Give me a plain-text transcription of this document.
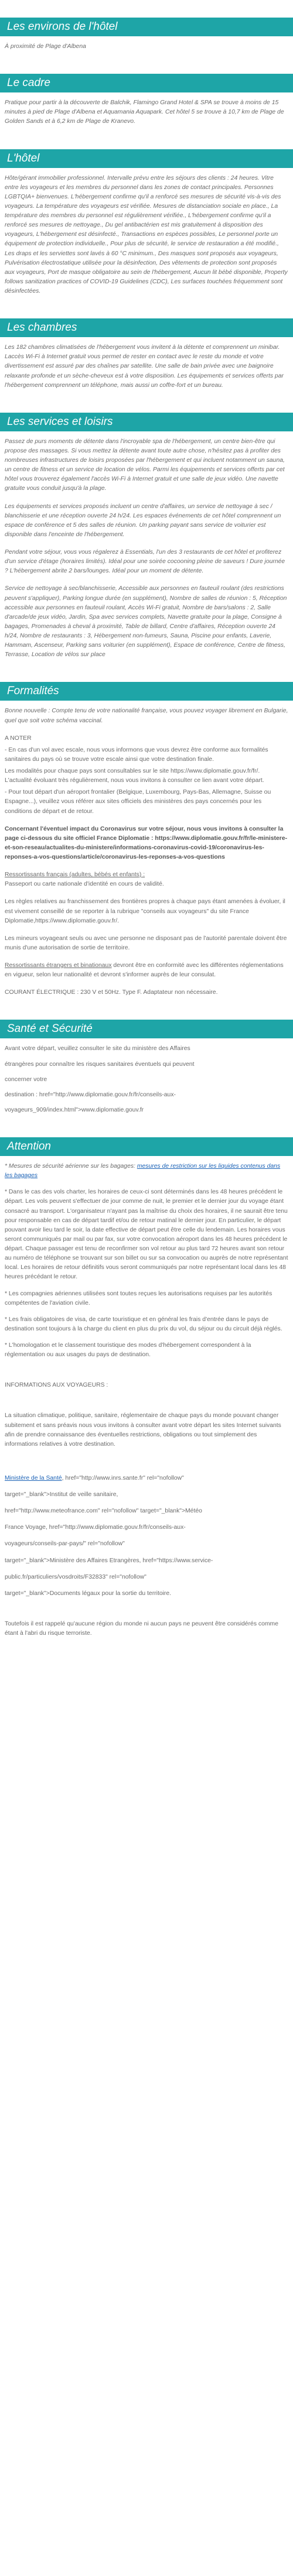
Les environs de l'hôtel

À proximité de Plage d'Albena

Le cadre

Pratique pour partir à la découverte de Balchik, Flamingo Grand Hotel & SPA se trouve à moins de 15 minutes à pied de Plage d'Albena et Aquamania Aquapark. Cet hôtel 5 se trouve à 10,7 km de Plage de Golden Sands et à 6,2 km de Plage de Kranevo.

L'hôtel

Hôte/gérant immobilier professionnel. Intervalle prévu entre les séjours des clients : 24 heures. Vitre entre les voyageurs et les membres du personnel dans les zones de contact principales. Personnes LGBTQIA+ bienvenues. L'hébergement confirme qu'il a renforcé ses mesures de sécurité vis-à-vis des voyageurs. La température des voyageurs est vérifiée. Mesures de distanciation sociale en place., La température des membres du personnel est régulièrement vérifiée., L'hébergement confirme qu'il a renforcé ses mesures de nettoyage., Du gel antibactérien est mis gratuitement à disposition des voyageurs, L'hébergement est désinfecté., Transactions en espèces possibles, Le personnel porte un équipement de protection individuelle., Pour plus de sécurité, le service de restauration a été modifié., Les draps et les serviettes sont lavés à 60 °C minimum., Des masques sont proposés aux voyageurs, Pulvérisation électrostatique utilisée pour la désinfection, Des vêtements de protection sont proposés aux voyageurs, Port de masque obligatoire au sein de l'hébergement, Aucun lit bébé disponible, Property follows sanitization practices of COVID-19 Guidelines (CDC), Les surfaces touchées fréquemment sont désinfectées.

Les chambres

Les 182 chambres climatisées de l'hébergement vous invitent à la détente et comprennent un minibar. Laccès Wi-Fi à Internet gratuit vous permet de rester en contact avec le reste du monde et votre divertissement est assuré par des chaînes par satellite. Une salle de bain privée avec une baignoire relaxante profonde et un sèche-cheveux est à votre disposition. Les équipements et services offerts par l'hébergement comprennent un téléphone, mais aussi un coffre-fort et un bureau.

Les services et loisirs

Passez de purs moments de détente dans l'incroyable spa de l'hébergement, un centre bien-être qui propose des massages. Si vous mettez la détente avant toute autre chose, n'hésitez pas à profiter des nombreuses infrastructures de loisirs proposées par l'hébergement et qui incluent notamment un sauna, un centre de fitness et un service de location de vélos. Parmi les équipements et services offerts par cet hôtel vous trouverez également l'accès Wi-Fi à Internet gratuit et une salle de jeux vidéo. Une navette gratuite vous conduit jusqu'à la plage.

Les équipements et services proposés incluent un centre d'affaires, un service de nettoyage à sec / blanchisserie et une réception ouverte 24 h/24. Les espaces événements de cet hôtel comprennent un espace de conférence et 5 des salles de réunion. Un parking payant sans service de voiturier est disponible dans l'enceinte de l'hébergement.

Pendant votre séjour, vous vous régalerez à Essentials, l'un des 3 restaurants de cet hôtel et profiterez d'un service d'étage (horaires limités). Idéal pour une soirée cocooning pleine de saveurs ! Dure journée ? L'hébergement abrite 2 bars/lounges. Idéal pour un moment de détente.

Service de nettoyage à sec/blanchisserie, Accessible aux personnes en fauteuil roulant (des restrictions peuvent s'appliquer), Parking longue durée (en supplément), Nombre de salles de réunion : 5, Réception accessible aux personnes en fauteuil roulant, Accès Wi-Fi gratuit, Nombre de bars/salons : 2, Salle d'arcade/de jeux vidéo, Jardin, Spa avec services complets, Navette gratuite pour la plage, Consigne à bagages, Promenades à cheval à proximité, Table de billard, Centre d'affaires, Réception ouverte 24 h/24, Nombre de restaurants : 3, Hébergement non-fumeurs, Sauna, Piscine pour enfants, Laverie, Hammam, Ascenseur, Parking sans voiturier (en supplément), Espace de conférence, Centre de fitness, Terrasse, Location de vélos sur place

Formalités

Bonne nouvelle : Compte tenu de votre nationalité française, vous pouvez voyager librement en Bulgarie, quel que soit votre schéma vaccinal.

A NOTER

- En cas d'un vol avec escale, nous vous informons que vous devrez être conforme aux formalités sanitaires du pays où se trouve votre escale ainsi que votre destination finale.

Les modalités pour chaque pays sont consultables sur le site https://www.diplomatie.gouv.fr/fr/. L'actualité évoluant très régulièrement, nous vous invitons à consulter ce lien avant votre départ.

- Pour tout départ d'un aéroport frontalier (Belgique, Luxembourg, Pays-Bas, Allemagne, Suisse ou Espagne...), veuillez vous référer aux sites officiels des ministères des pays concernés pour les conditions de départ et de retour.

Concernant l'éventuel impact du Coronavirus sur votre séjour, nous vous invitons à consulter la page ci-dessous du site officiel France Diplomatie : https://www.diplomatie.gouv.fr/fr/le-ministere-et-son-reseau/actualites-du-ministere/informations-coronavirus-covid-19/coronavirus-les-reponses-a-vos-questions/article/coronavirus-les-reponses-a-vos-questions

Ressortissants français (adultes, bébés et enfants) :
Passeport ou carte nationale d'identité en cours de validité.

Les règles relatives au franchissement des frontières propres à chaque pays étant amenées à évoluer, il est vivement conseillé de se reporter à la rubrique "conseils aux voyageurs" du site France Diplomatie,https://www.diplomatie.gouv.fr/.

Les mineurs voyageant seuls ou avec une personne ne disposant pas de l'autorité parentale doivent être munis d'une autorisation de sortie de territoire.

Ressortissants étrangers et binationaux devront être en conformité avec les différentes réglementations en vigueur, selon leur nationalité et devront s'informer auprès de leur consulat.

COURANT ÉLECTRIQUE : 230 V et 50Hz. Type F. Adaptateur non nécessaire.

Santé et Sécurité

Avant votre départ, veuillez consulter le site du ministère des Affaires

étrangères pour connaître les risques sanitaires éventuels qui peuvent

concerner votre

destination : href="http://www.diplomatie.gouv.fr/fr/conseils-aux-

voyageurs_909/index.html">www.diplomatie.gouv.fr

Attention

* Mesures de sécurité aérienne sur les bagages: mesures de restriction sur les liquides contenus dans les bagages

* Dans le cas des vols charter, les horaires de ceux-ci sont déterminés dans les 48 heures précédent le départ. Les vols peuvent s'effectuer de jour comme de nuit, le premier et le dernier jour du voyage étant consacré au transport. L'organisateur n'ayant pas la maîtrise du choix des horaires, il ne saurait être tenu pour responsable en cas de départ tardif et/ou de retour matinal le dernier jour. En particulier, le départ pouvant avoir lieu tard le soir, la date effective de départ peut être celle du lendemain. Les horaires vous seront communiqués par mail ou par fax, sur votre convocation aéroport dans les 48 heures précédent le départ. Chaque passager est tenu de reconfirmer son vol retour au plus tard 72 heures avant son retour au numéro de téléphone se trouvant sur son billet ou sur sa convocation ou auprès de notre représentant local. Les horaires de retour définitifs vous seront communiqués par notre représentant local dans les 48 heures précédant le retour.

* Les compagnies aériennes utilisées sont toutes reçues les autorisations requises par les autorités compétentes de l'aviation civile.

* Les frais obligatoires de visa, de carte touristique et en général les frais d'entrée dans le pays de destination sont toujours à la charge du client en plus du prix du vol, du séjour ou du circuit déjà réglés.

* L'homologation et le classement touristique des modes d'hébergement correspondent à la réglementation ou aux usages du pays de destination.

INFORMATIONS AUX VOYAGEURS :

La situation climatique, politique, sanitaire, réglementaire de chaque pays du monde pouvant changer subitement et sans préavis nous vous invitons à consulter avant votre départ les sites Internet suivants afin de prendre connaissance des éventuelles restrictions, obligations ou tout simplement des informations relatives à votre destination.

Ministère de la Santé, href="http://www.inrs.sante.fr" rel="nofollow"

target="_blank">Institut de veille sanitaire,

href="http://www.meteofrance.com" rel="nofollow" target="_blank">Météo

France Voyage, href="http://www.diplomatie.gouv.fr/fr/conseils-aux-

voyageurs/conseils-par-pays/" rel="nofollow"

target="_blank">Ministère des Affaires Etrangères, href="https://www.service-

public.fr/particuliers/vosdroits/F32833" rel="nofollow"

target="_blank">Documents légaux pour la sortie du territoire.

Toutefois il est rappelé qu'aucune région du monde ni aucun pays ne peuvent être considérés comme étant à l'abri du risque terroriste.
